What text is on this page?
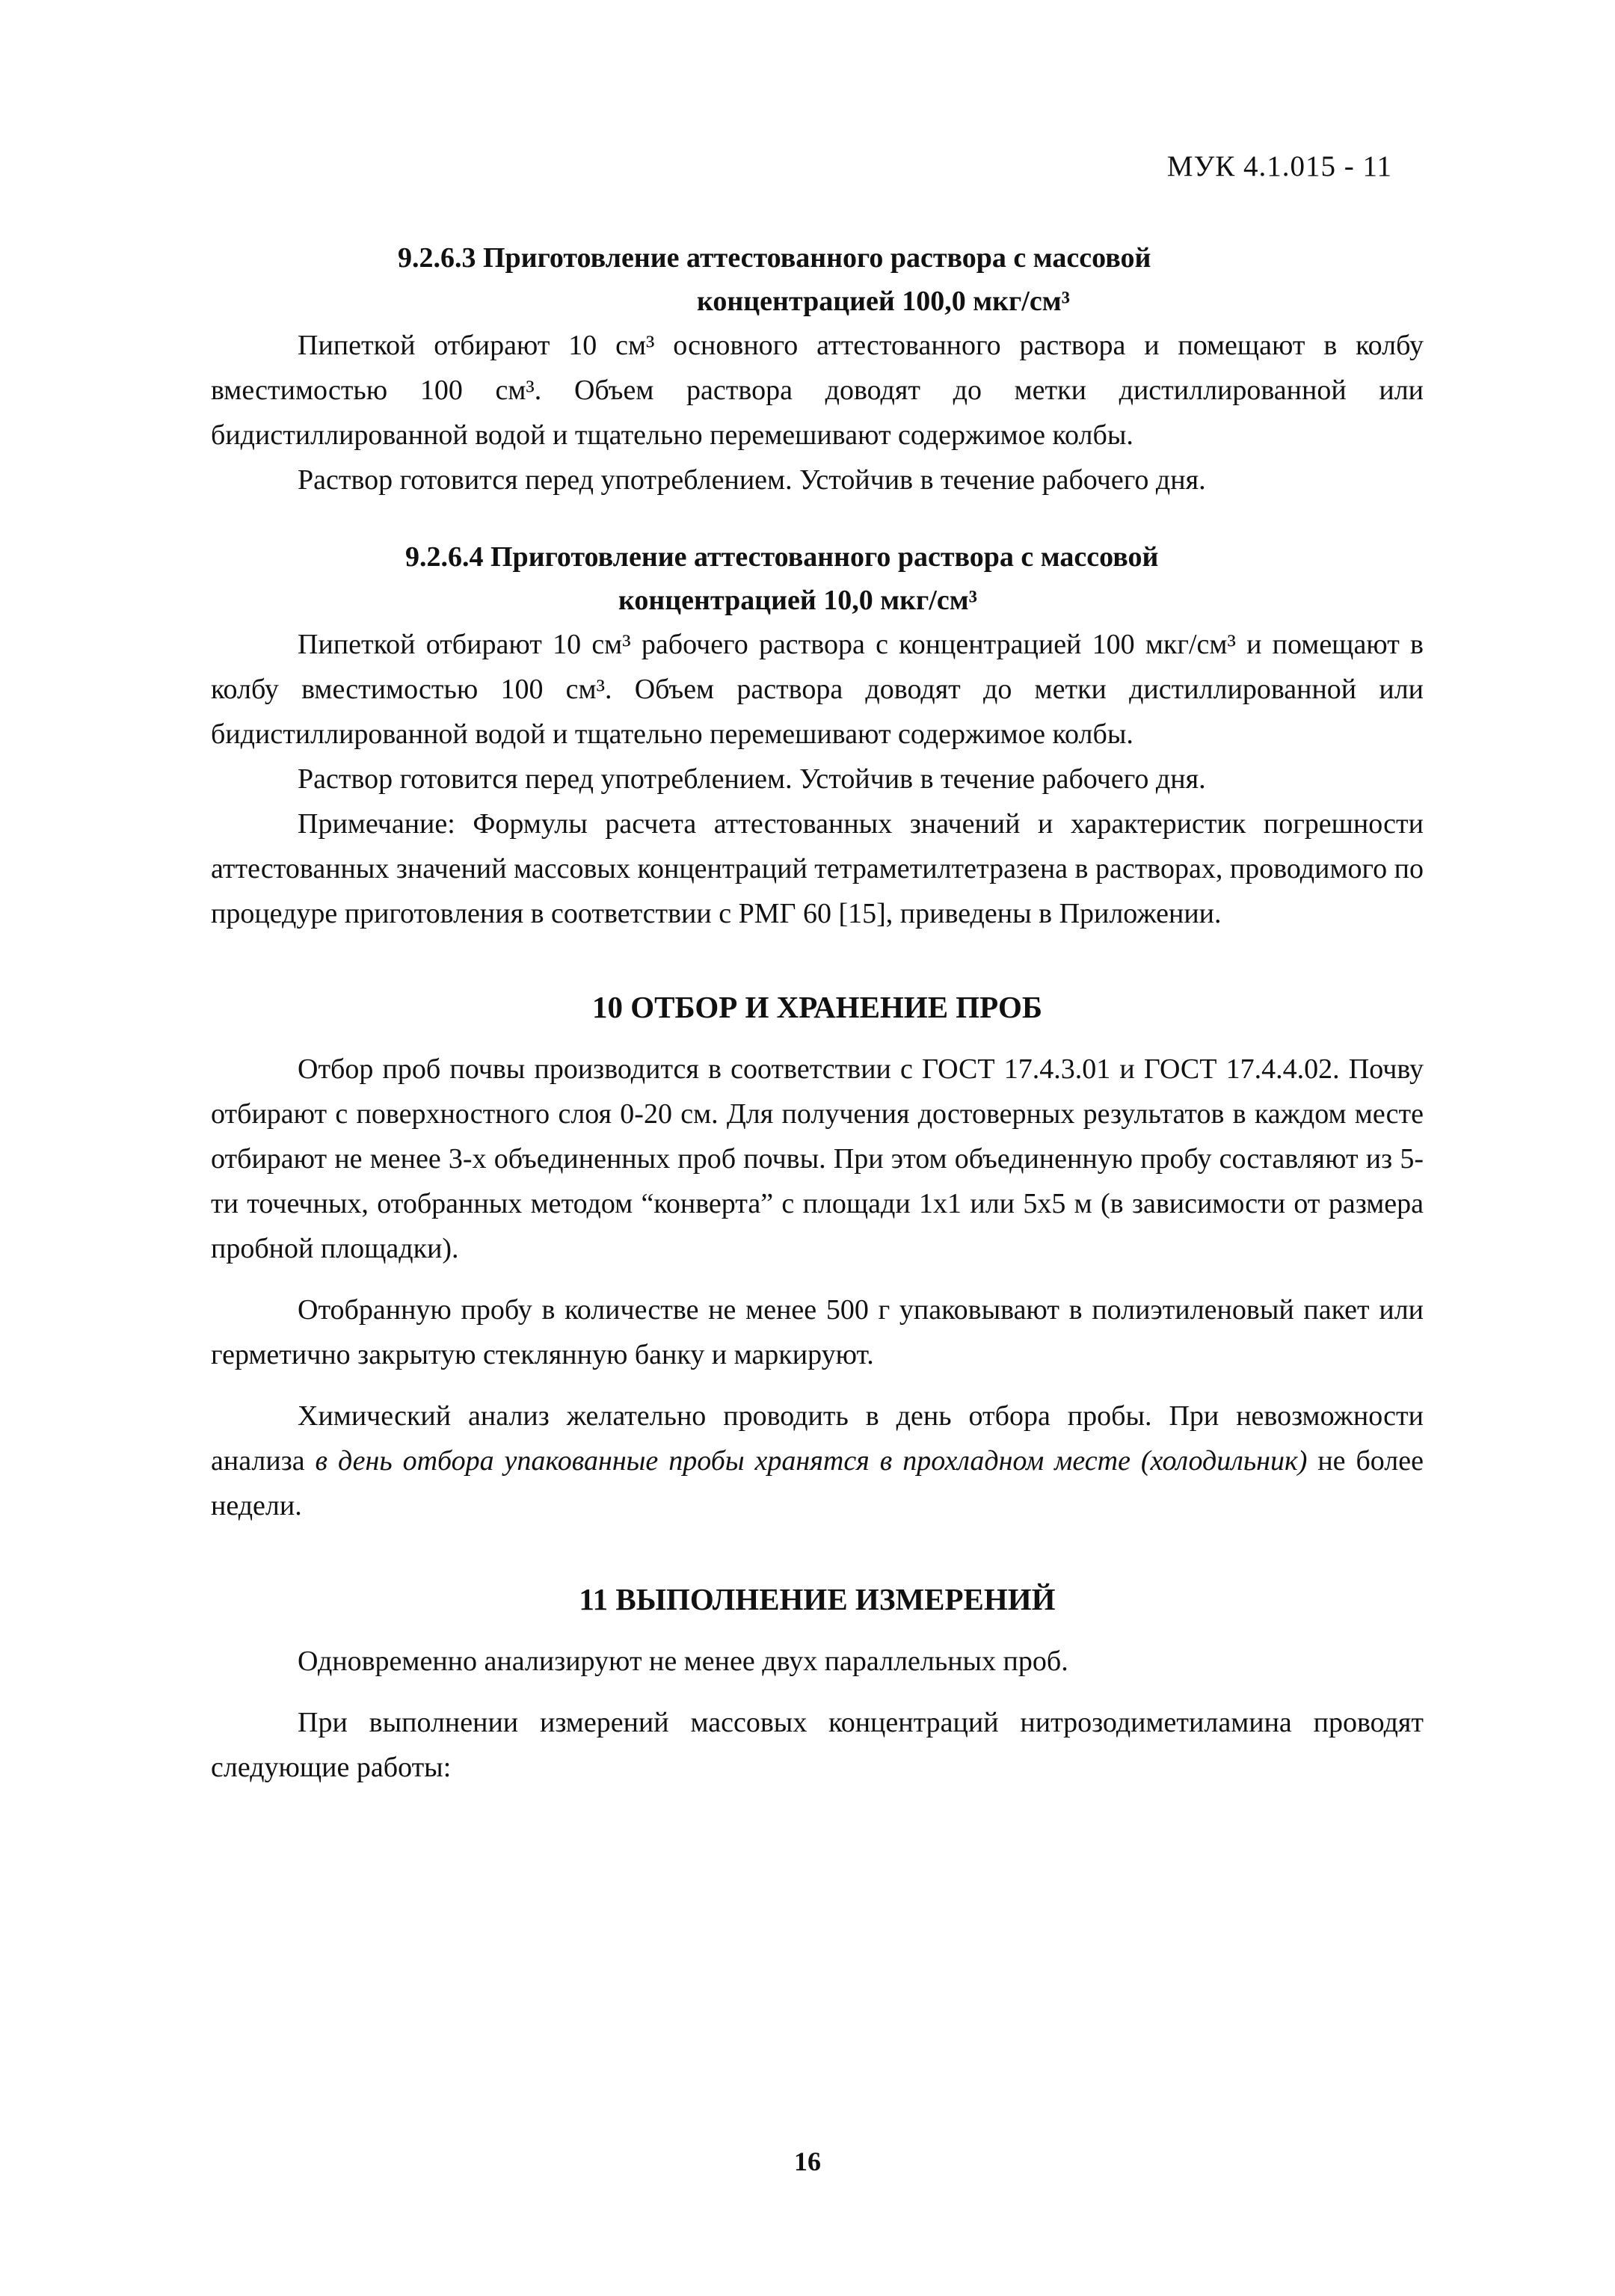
МУК 4.1.015 - 11
9.2.6.3 Приготовление аттестованного раствора с массовой
концентрацией 100,0 мкг/см³

Пипеткой отбирают 10 см³ основного аттестованного раствора и помещают в колбу вместимостью 100 см³. Объем раствора доводят до метки дистиллированной или бидистиллированной водой и тщательно перемешивают содержимое колбы.

Раствор готовится перед употреблением. Устойчив в течение рабочего дня.

9.2.6.4 Приготовление аттестованного раствора с массовой
концентрацией 10,0 мкг/см³

Пипеткой отбирают 10 см³ рабочего раствора с концентрацией 100 мкг/см³ и помещают в колбу вместимостью 100 см³. Объем раствора доводят до метки дистиллированной или бидистиллированной водой и тщательно перемешивают содержимое колбы.

Раствор готовится перед употреблением. Устойчив в течение рабочего дня.

Примечание: Формулы расчета аттестованных значений и характеристик погрешности аттестованных значений массовых концентраций тетраметилтетразена в растворах, проводимого по процедуре приготовления в соответствии с РМГ 60 [15], приведены в Приложении.

10 ОТБОР И ХРАНЕНИЕ ПРОБ

Отбор проб почвы производится в соответствии с ГОСТ 17.4.3.01 и ГОСТ 17.4.4.02. Почву отбирают с поверхностного слоя 0-20 см. Для получения достоверных результатов в каждом месте отбирают не менее 3-х объединенных проб почвы. При этом объединенную пробу составляют из 5-ти точечных, отобранных методом “конверта” с площади 1х1 или 5х5 м (в зависимости от размера пробной площадки).

Отобранную пробу в количестве не менее 500 г упаковывают в полиэтиленовый пакет или герметично закрытую стеклянную банку и маркируют.

Химический анализ желательно проводить в день отбора пробы. При невозможности анализа в день отбора упакованные пробы хранятся в прохладном месте (холодильник) не более недели.

11 ВЫПОЛНЕНИЕ ИЗМЕРЕНИЙ

Одновременно анализируют не менее двух параллельных проб.

При выполнении измерений массовых концентраций нитрозодиметиламина проводят следующие работы:

16
